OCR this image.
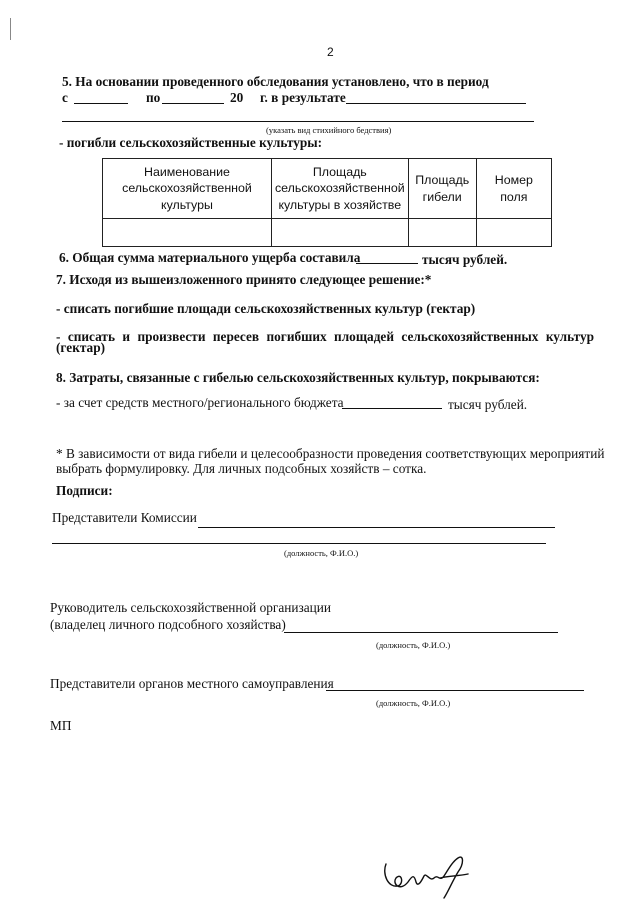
2
5. На основании проведенного обследования установлено, что в период
с	по	20 г. в результате
(указать вид стихийного бедствия)
- погибли сельскохозяйственные культуры:
Наименование сельскохозяйственной культуры	Площадь сельскохозяйственной культуры в хозяйстве	Площадь гибели	Номер поля

6. Общая сумма материального ущерба составила	тысяч рублей.
7. Исходя из вышеизложенного принято следующее решение:*
- списать погибшие площади сельскохозяйственных культур (гектар)
- списать и произвести пересев погибших площадей сельскохозяйственных культур
(гектар)
8. Затраты, связанные с гибелью сельскохозяйственных культур, покрываются:
- за счет средств местного/регионального бюджета	тысяч рублей.
* В зависимости от вида гибели и целесообразности проведения соответствующих мероприятий
выбрать формулировку. Для личных подсобных хозяйств – сотка.
Подписи:
Представители Комиссии
(должность, Ф.И.О.)
Руководитель сельскохозяйственной организации
(владелец личного подсобного хозяйства)
(должность, Ф.И.О.)
Представители органов местного самоуправления
(должность, Ф.И.О.)
МП
